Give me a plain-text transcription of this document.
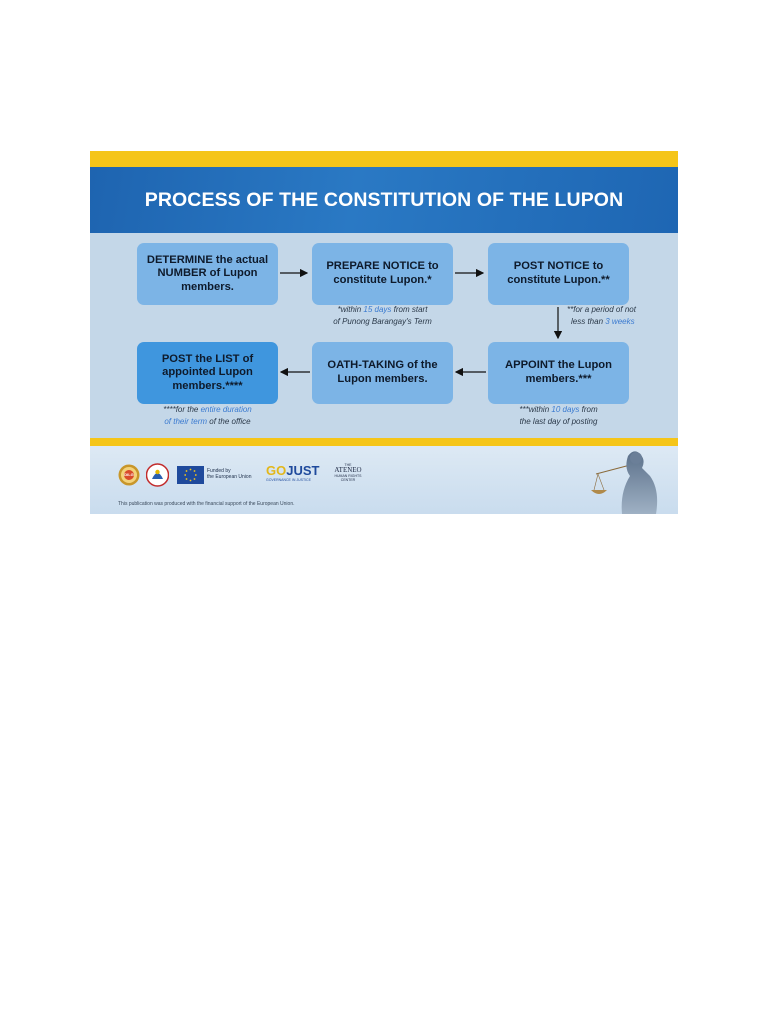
PROCESS OF THE CONSTITUTION OF THE LUPON
DETERMINE the actual NUMBER of Lupon members.
PREPARE NOTICE to constitute Lupon.*
POST NOTICE to constitute Lupon.**
*within 15 days from start
of Punong Barangay's Term
**for a period of not
less than 3 weeks
POST the LIST of appointed Lupon members.****
OATH-TAKING of the Lupon members.
APPOINT the Lupon members.***
****for the entire duration
of their term of the office
***within 10 days from
the last day of posting
DILG
Funded by
the European Union GOJUST
GOVERNANCE IN JUSTICE
THE
ATENEO
HUMAN RIGHTS
CENTER
This publication was produced with the financial support of the European Union.
